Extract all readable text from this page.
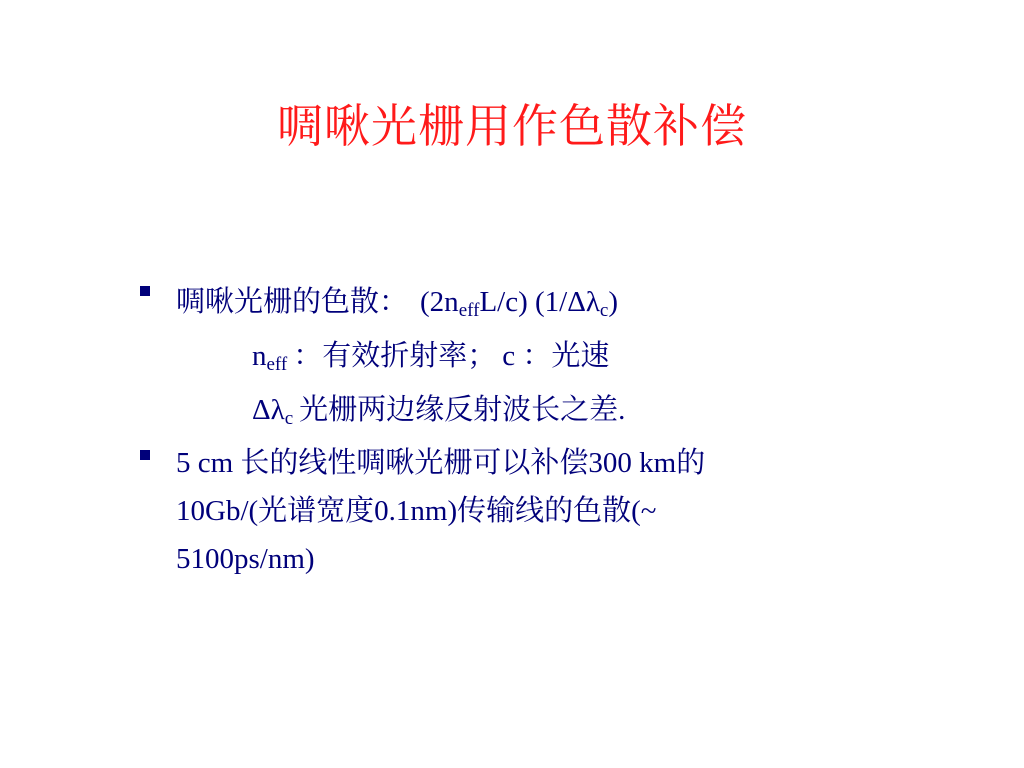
啁啾光栅用作色散补偿
啁啾光栅的色散： $(2n_{eff}L/c)$ $(1/\Delta\lambda_c)$
$n_{eff}$ ：有效折射率； c ：光速
$\Delta\lambda_c$ 光栅两边缘反射波长之差.
5 cm 长的线性啁啾光栅可以补偿300 km的
10Gb/(光谱宽度0.1nm)传输线的色散(~
5100ps/nm)
